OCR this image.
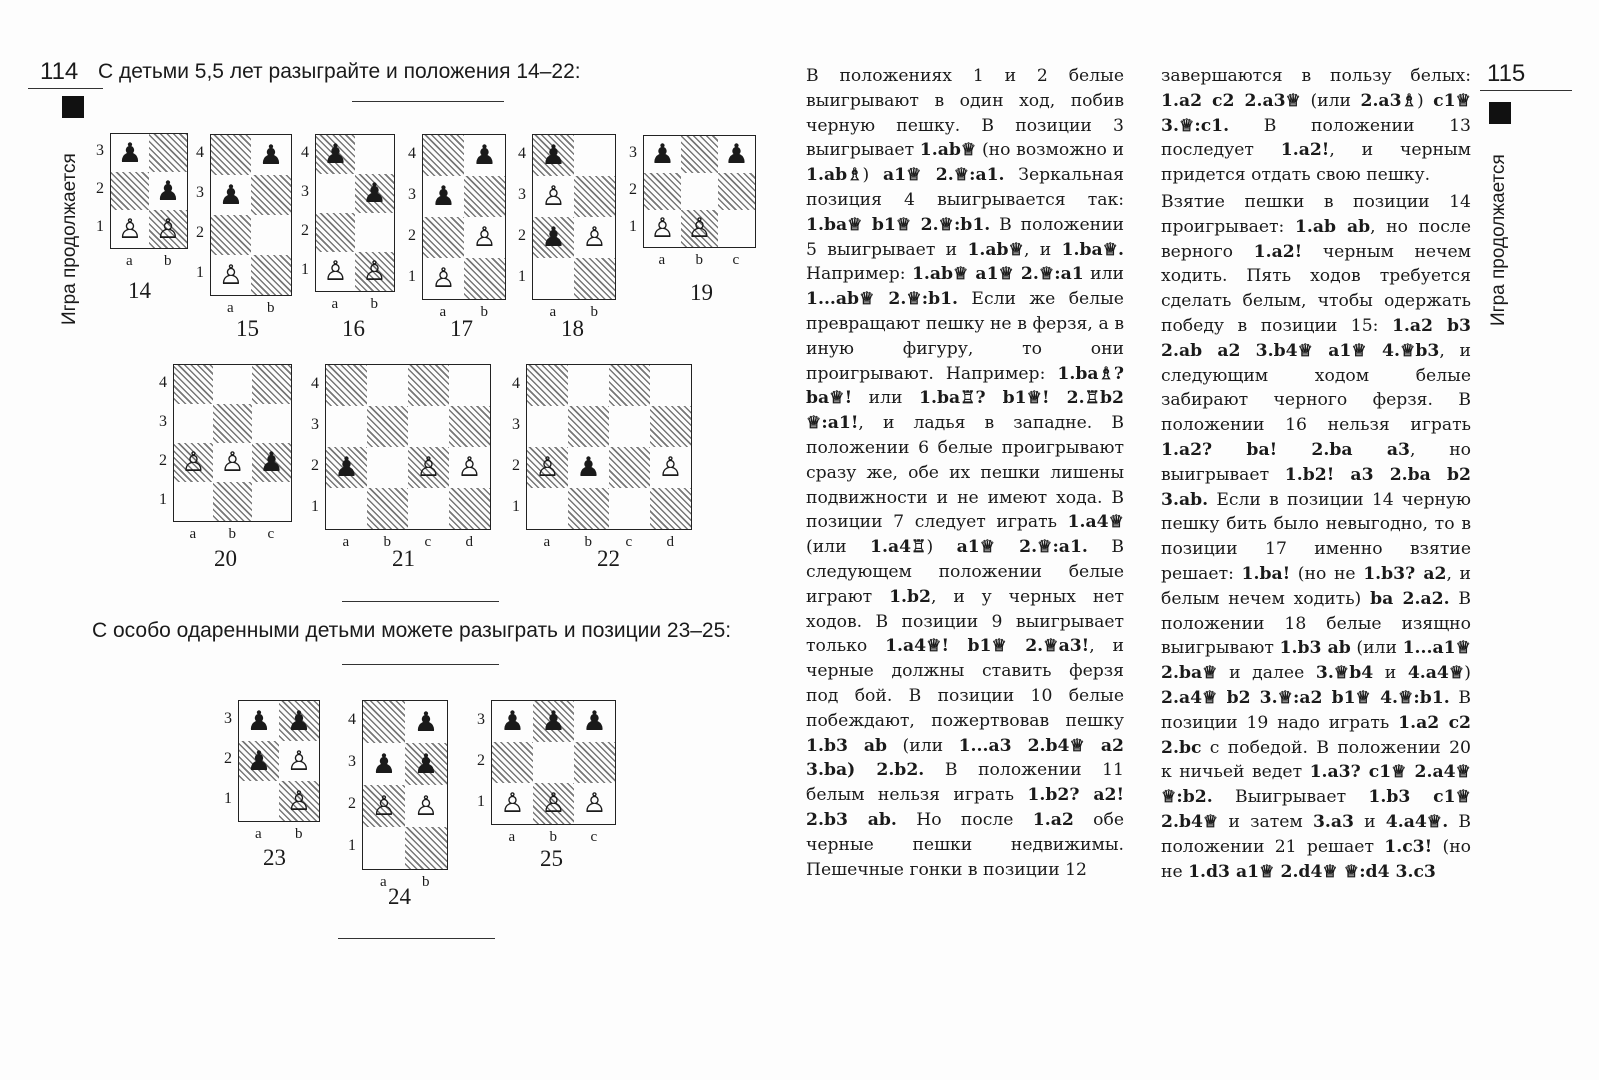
114 С детьми 5,5 лет разыграйте и положения 14–22:
Игра продолжается
♟
♟
♙ ♙
3
2
1
a b
14
♟
♟
♙
4
3
2
1
a b
15
♟
♟
♙ ♙
4
3
2
1
a b
16
♟
♟
♙
♙
4
3
2
1
a b
17
♟
♙
♟ ♙
4
3
2
1
a b
18
♟ ♟
♙ ♙
3
2
1
a b c
19
♙ ♙ ♟
4
3
2
1
a b c
20
♟ ♙ ♙
4
3
2
1
a b c d
21
♙ ♟ ♙
4
3
2
1
a b c d
22
♟ ♟
♟ ♙
♙
3
2
1
a b
23
♟
♟ ♟
♙ ♙
4
3
2
1
a b
24
♟ ♟ ♟
♙ ♙ ♙
3
2
1
a b c
25
С особо одаренными детьми можете разыграть и позиции 23–25:
115
Игра продолжается

В положениях 1 и 2 белые выигрывают в один ход, побив черную пешку. В позиции 3 выигрывает 1.ab♕ (но возможно и 1.ab♗) a1♕ 2.♕:a1. Зеркальная позиция 4 выигрывается так: 1.ba♕ b1♕ 2.♕:b1. В положении 5 выигрывает и 1.ab♕, и 1.ba♕. Например: 1.ab♕ a1♕ 2.♕:a1 или 1...ab♕ 2.♕:b1. Если же белые превращают пешку не в ферзя, а в иную фигуру, то они проигрывают. Например: 1.ba♗? ba♕! или 1.ba♖? b1♕! 2.♖b2 ♕:a1!, и ладья в западне. В положении 6 белые проигрывают сразу же, обе их пешки лишены подвижности и не имеют хода. В позиции 7 следует играть 1.a4♕ (или 1.a4♖) a1♕ 2.♕:a1. В следующем положении белые играют 1.b2, и у черных нет ходов. В позиции 9 выигрывает только 1.a4♕! b1♕ 2.♕a3!, и черные должны ставить ферзя под бой. В позиции 10 белые побеждают, пожертвовав пешку 1.b3 ab (или 1...a3 2.b4♕ a2 3.ba) 2.b2. В положении 11 белым нельзя играть 1.b2? a2! 2.b3 ab. Но после 1.a2 обе черные пешки недвижимы. Пешечные гонки в позиции 12

завершаются в пользу белых: 1.a2 c2 2.a3♕ (или 2.a3♗) c1♕ 3.♕:c1. В положении 13 последует 1.a2!, и черным придется отдать свою пешку.

Взятие пешки в позиции 14 проигрывает: 1.ab ab, но после верного 1.a2! черным нечем ходить. Пять ходов требуется сделать белым, чтобы одержать победу в позиции 15: 1.a2 b3 2.ab a2 3.b4♕ a1♕ 4.♕b3, и следующим ходом белые забирают черного ферзя. В положении 16 нельзя играть 1.a2? ba! 2.ba a3, но выигрывает 1.b2! a3 2.ba b2 3.ab. Если в позиции 14 черную пешку бить было невыгодно, то в позиции 17 именно взятие решает: 1.ba! (но не 1.b3? a2, и белым нечем ходить) ba 2.a2. В положении 18 белые изящно выигрывают 1.b3 ab (или 1...a1♕ 2.ba♕ и далее 3.♕b4 и 4.a4♕) 2.a4♕ b2 3.♕:a2 b1♕ 4.♕:b1. В позиции 19 надо играть 1.a2 c2 2.bc с победой. В положении 20 к ничьей ведет 1.a3? c1♕ 2.a4♕ ♕:b2. Выигрывает 1.b3 c1♕ 2.b4♕ и затем 3.a3 и 4.a4♕. В положении 21 решает 1.c3! (но не 1.d3 a1♕ 2.d4♕ ♕:d4 3.c3
